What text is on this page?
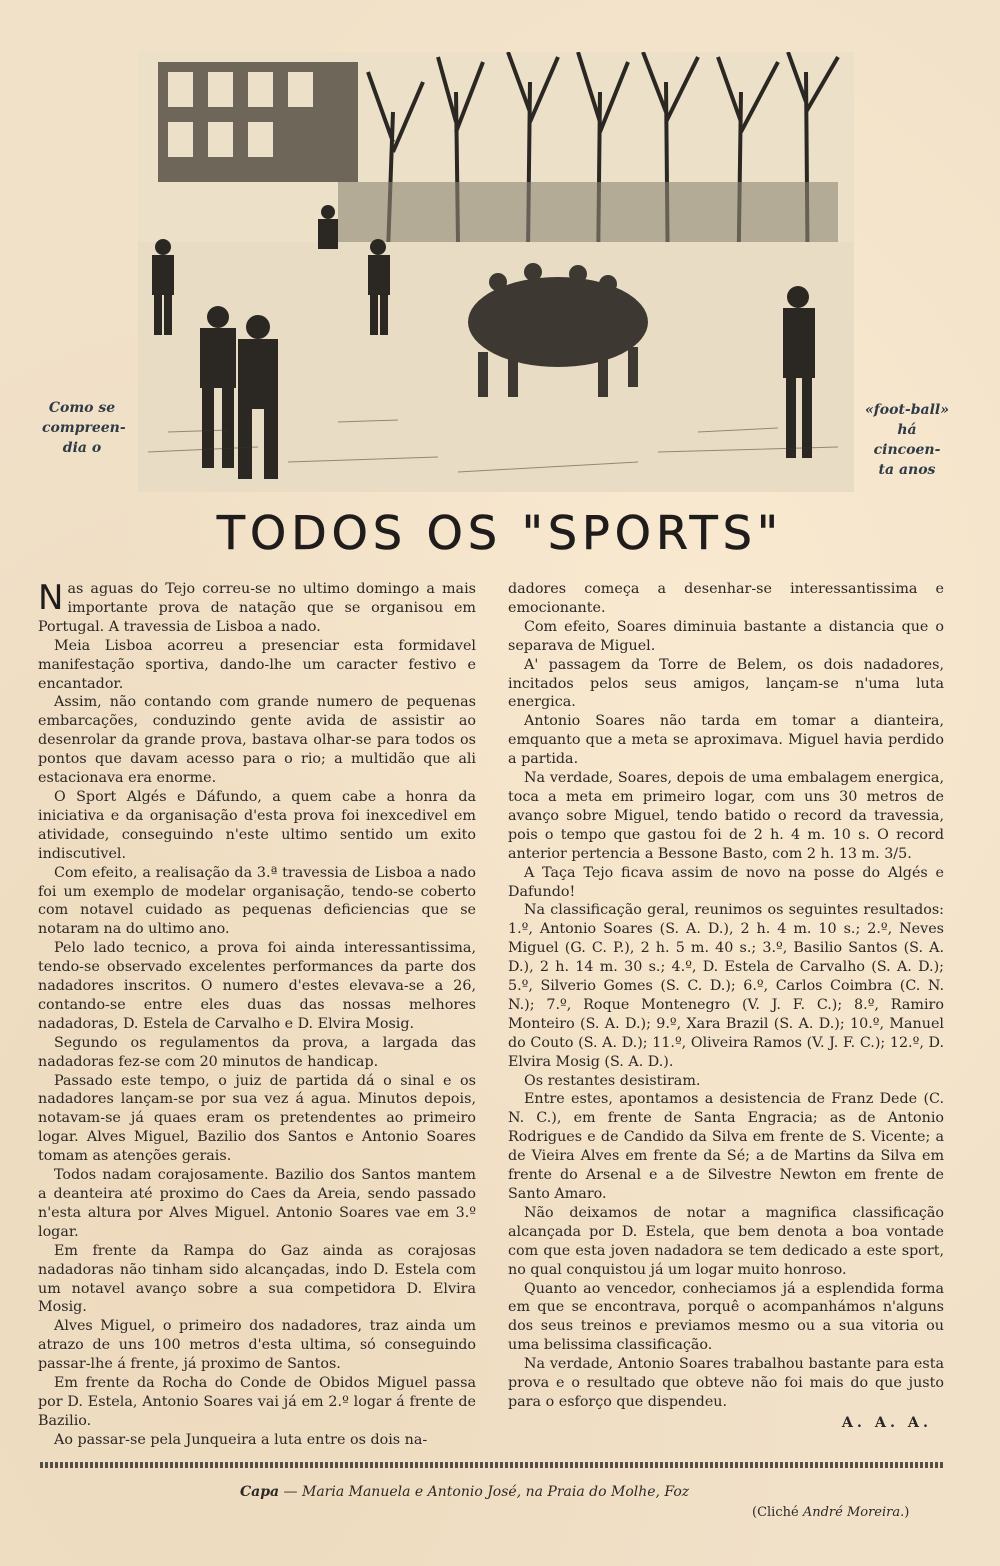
Como se
compreen-
dia o
«foot-ball»
há cincoen-
ta anos
TODOS OS "SPORTS"

Nas aguas do Tejo correu-se no ultimo domingo a mais importante prova de natação que se organisou em Portugal. A travessia de Lisboa a nado.

Meia Lisboa acorreu a presenciar esta formidavel manifestação sportiva, dando-lhe um caracter festivo e encantador.

Assim, não contando com grande numero de pequenas embarcações, conduzindo gente avida de assistir ao desenrolar da grande prova, bastava olhar-se para todos os pontos que davam acesso para o rio; a multidão que ali estacionava era enorme.

O Sport Algés e Dáfundo, a quem cabe a honra da iniciativa e da organisação d'esta prova foi inexcedivel em atividade, conseguindo n'este ultimo sentido um exito indiscutivel.

Com efeito, a realisação da 3.ª travessia de Lisboa a nado foi um exemplo de modelar organisação, tendo-se coberto com notavel cuidado as pequenas deficiencias que se notaram na do ultimo ano.

Pelo lado tecnico, a prova foi ainda interessantissima, tendo-se observado excelentes performances da parte dos nadadores inscritos. O numero d'estes elevava-se a 26, contando-se entre eles duas das nossas melhores nadadoras, D. Estela de Carvalho e D. Elvira Mosig.

Segundo os regulamentos da prova, a largada das nadadoras fez-se com 20 minutos de handicap.

Passado este tempo, o juiz de partida dá o sinal e os nadadores lançam-se por sua vez á agua. Minutos depois, notavam-se já quaes eram os pretendentes ao primeiro logar. Alves Miguel, Bazilio dos Santos e Antonio Soares tomam as atenções gerais.

Todos nadam corajosamente. Bazilio dos Santos mantem a deanteira até proximo do Caes da Areia, sendo passado n'esta altura por Alves Miguel. Antonio Soares vae em 3.º logar.

Em frente da Rampa do Gaz ainda as corajosas nadadoras não tinham sido alcançadas, indo D. Estela com um notavel avanço sobre a sua competidora D. Elvira Mosig.

Alves Miguel, o primeiro dos nadadores, traz ainda um atrazo de uns 100 metros d'esta ultima, só conseguindo passar-lhe á frente, já proximo de Santos.

Em frente da Rocha do Conde de Obidos Miguel passa por D. Estela, Antonio Soares vai já em 2.º logar á frente de Bazilio.

Ao passar-se pela Junqueira a luta entre os dois na-

dadores começa a desenhar-se interessantissima e emocionante.

Com efeito, Soares diminuia bastante a distancia que o separava de Miguel.

A' passagem da Torre de Belem, os dois nadadores, incitados pelos seus amigos, lançam-se n'uma luta energica.

Antonio Soares não tarda em tomar a dianteira, emquanto que a meta se aproximava. Miguel havia perdido a partida.

Na verdade, Soares, depois de uma embalagem energica, toca a meta em primeiro logar, com uns 30 metros de avanço sobre Miguel, tendo batido o record da travessia, pois o tempo que gastou foi de 2 h. 4 m. 10 s. O record anterior pertencia a Bessone Basto, com 2 h. 13 m. 3/5.

A Taça Tejo ficava assim de novo na posse do Algés e Dafundo!

Na classificação geral, reunimos os seguintes resultados: 1.º, Antonio Soares (S. A. D.), 2 h. 4 m. 10 s.; 2.º, Neves Miguel (G. C. P.), 2 h. 5 m. 40 s.; 3.º, Basilio Santos (S. A. D.), 2 h. 14 m. 30 s.; 4.º, D. Estela de Carvalho (S. A. D.); 5.º, Silverio Gomes (S. C. D.); 6.º, Carlos Coimbra (C. N. N.); 7.º, Roque Montenegro (V. J. F. C.); 8.º, Ramiro Monteiro (S. A. D.); 9.º, Xara Brazil (S. A. D.); 10.º, Manuel do Couto (S. A. D.); 11.º, Oliveira Ramos (V. J. F. C.); 12.º, D. Elvira Mosig (S. A. D.).

Os restantes desistiram.

Entre estes, apontamos a desistencia de Franz Dede (C. N. C.), em frente de Santa Engracia; as de Antonio Rodrigues e de Candido da Silva em frente de S. Vicente; a de Vieira Alves em frente da Sé; a de Martins da Silva em frente do Arsenal e a de Silvestre Newton em frente de Santo Amaro.

Não deixamos de notar a magnifica classificação alcançada por D. Estela, que bem denota a boa vontade com que esta joven nadadora se tem dedicado a este sport, no qual conquistou já um logar muito honroso.

Quanto ao vencedor, conheciamos já a esplendida forma em que se encontrava, porquê o acompanhámos n'alguns dos seus treinos e previamos mesmo ou a sua vitoria ou uma belissima classificação.

Na verdade, Antonio Soares trabalhou bastante para esta prova e o resultado que obteve não foi mais do que justo para o esforço que dispendeu.

A. A. A.
Capa — Maria Manuela e Antonio José, na Praia do Molhe, Foz
(Cliché André Moreira.)
